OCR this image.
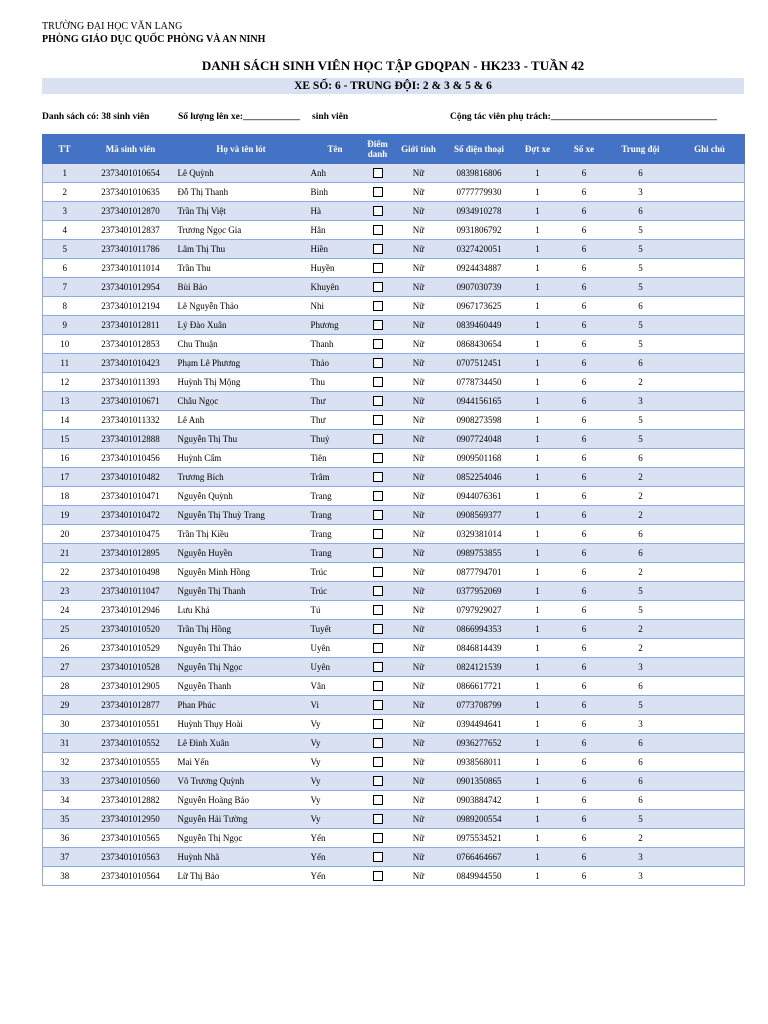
TRƯỜNG ĐẠI HỌC VĂN LANG
PHÒNG GIÁO DỤC QUỐC PHÒNG VÀ AN NINH
DANH SÁCH SINH VIÊN HỌC TẬP GDQPAN - HK233 - TUẦN 42
XE SỐ: 6 - TRUNG ĐỘI: 2 & 3 & 5 & 6
Danh sách có: 38 sinh viên	Số lượng lên xe:____________ sinh viên	Cộng tác viên phụ trách:___________________________________
TT	Mã sinh viên	Họ và tên lót	Tên	Điểm danh	Giới tính	Số điện thoại	Đợt xe	Số xe	Trung đội	Ghi chú
1	2373401010654	Lê Quỳnh	Anh		Nữ	0839816806	1	6	6	
2	2373401010635	Đỗ Thị Thanh	Bình		Nữ	0777779930	1	6	3	
3	2373401012870	Trần Thị Việt	Hà		Nữ	0934910278	1	6	6	
4	2373401012837	Trương Ngọc Gia	Hân		Nữ	0931806792	1	6	5	
5	2373401011786	Lâm Thị Thu	Hiền		Nữ	0327420051	1	6	5	
6	2373401011014	Trần Thu	Huyền		Nữ	0924434887	1	6	5	
7	2373401012954	Bùi Bảo	Khuyên		Nữ	0907030739	1	6	5	
8	2373401012194	Lê Nguyễn Thảo	Nhi		Nữ	0967173625	1	6	6	
9	2373401012811	Lý Đào Xuân	Phương		Nữ	0839460449	1	6	5	
10	2373401012853	Chu Thuận	Thanh		Nữ	0868430654	1	6	5	
11	2373401010423	Phạm Lê Phương	Thảo		Nữ	0707512451	1	6	6	
12	2373401011393	Huỳnh Thị Mộng	Thu		Nữ	0778734450	1	6	2	
13	2373401010671	Châu Ngọc	Thư		Nữ	0944156165	1	6	3	
14	2373401011332	Lê Anh	Thư		Nữ	0908273598	1	6	5	
15	2373401012888	Nguyễn Thị Thu	Thuỷ		Nữ	0907724048	1	6	5	
16	2373401010456	Huỳnh Cẩm	Tiên		Nữ	0909501168	1	6	6	
17	2373401010482	Trương Bích	Trâm		Nữ	0852254046	1	6	2	
18	2373401010471	Nguyễn Quỳnh	Trang		Nữ	0944076361	1	6	2	
19	2373401010472	Nguyễn Thị Thuỳ Trang	Trang		Nữ	0908569377	1	6	2	
20	2373401010475	Trần Thị Kiều	Trang		Nữ	0329381014	1	6	6	
21	2373401012895	Nguyễn Huyền	Trang		Nữ	0989753855	1	6	6	
22	2373401010498	Nguyễn Minh Hồng	Trúc		Nữ	0877794701	1	6	2	
23	2373401011047	Nguyễn Thị Thanh	Trúc		Nữ	0377952069	1	6	5	
24	2373401012946	Lưu Khả	Tú		Nữ	0797929027	1	6	5	
25	2373401010520	Trần Thị Hồng	Tuyết		Nữ	0866994353	1	6	2	
26	2373401010529	Nguyễn Thi Thảo	Uyên		Nữ	0846814439	1	6	2	
27	2373401010528	Nguyễn Thị Ngọc	Uyên		Nữ	0824121539	1	6	3	
28	2373401012905	Nguyễn Thanh	Vân		Nữ	0866617721	1	6	6	
29	2373401012877	Phan Phúc	Vi		Nữ	0773708799	1	6	5	
30	2373401010551	Huỳnh Thụy Hoài	Vy		Nữ	0394494641	1	6	3	
31	2373401010552	Lê Đình Xuân	Vy		Nữ	0936277652	1	6	6	
32	2373401010555	Mai Yến	Vy		Nữ	0938568011	1	6	6	
33	2373401010560	Võ Trương Quỳnh	Vy		Nữ	0901350865	1	6	6	
34	2373401012882	Nguyễn Hoàng Bảo	Vy		Nữ	0903884742	1	6	6	
35	2373401012950	Nguyễn Hải Tường	Vy		Nữ	0989200554	1	6	5	
36	2373401010565	Nguyễn Thị Ngọc	Yến		Nữ	0975534521	1	6	2	
37	2373401010563	Huỳnh Nhã	Yến		Nữ	0766464667	1	6	3	
38	2373401010564	Lữ Thị Bảo	Yến		Nữ	0849944550	1	6	3	
